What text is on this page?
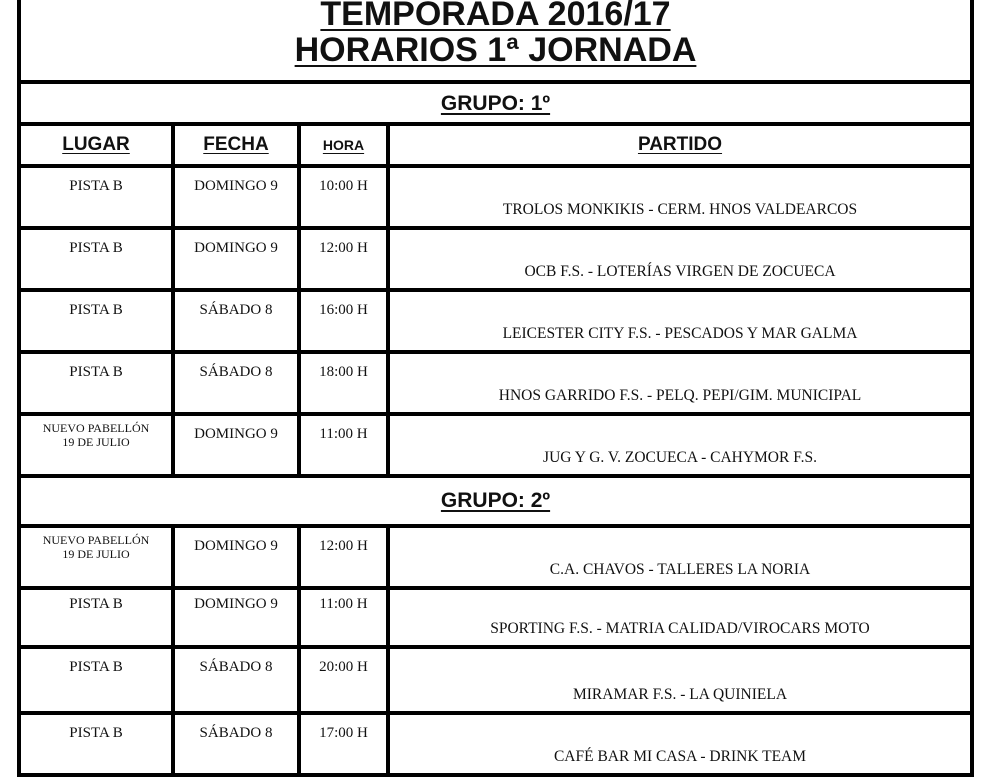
TEMPORADA 2016/17
HORARIOS 1ª JORNADA
GRUPO: 1º
LUGAR	FECHA	HORA	PARTIDO
PISTA B	DOMINGO 9	10:00 H	TROLOS MONKIKIS - CERM. HNOS VALDEARCOS
PISTA B	DOMINGO 9	12:00 H	OCB F.S. - LOTERÍAS VIRGEN DE ZOCUECA
PISTA B	SÁBADO 8	16:00 H	LEICESTER CITY F.S. - PESCADOS Y MAR GALMA
PISTA B	SÁBADO 8	18:00 H	HNOS GARRIDO F.S. - PELQ. PEPI/GIM. MUNICIPAL

NUEVO PABELLÓN
19 DE JULIO	DOMINGO 9	11:00 H	JUG Y G. V. ZOCUECA - CAHYMOR F.S.
GRUPO: 2º
NUEVO PABELLÓN
19 DE JULIO	DOMINGO 9	12:00 H	C.A. CHAVOS - TALLERES LA NORIA
PISTA B	DOMINGO 9	11:00 H	SPORTING F.S. - MATRIA CALIDAD/VIROCARS MOTO
PISTA B	SÁBADO 8	20:00 H	MIRAMAR F.S. - LA QUINIELA
PISTA B	SÁBADO 8	17:00 H	CAFÉ BAR MI CASA - DRINK TEAM
